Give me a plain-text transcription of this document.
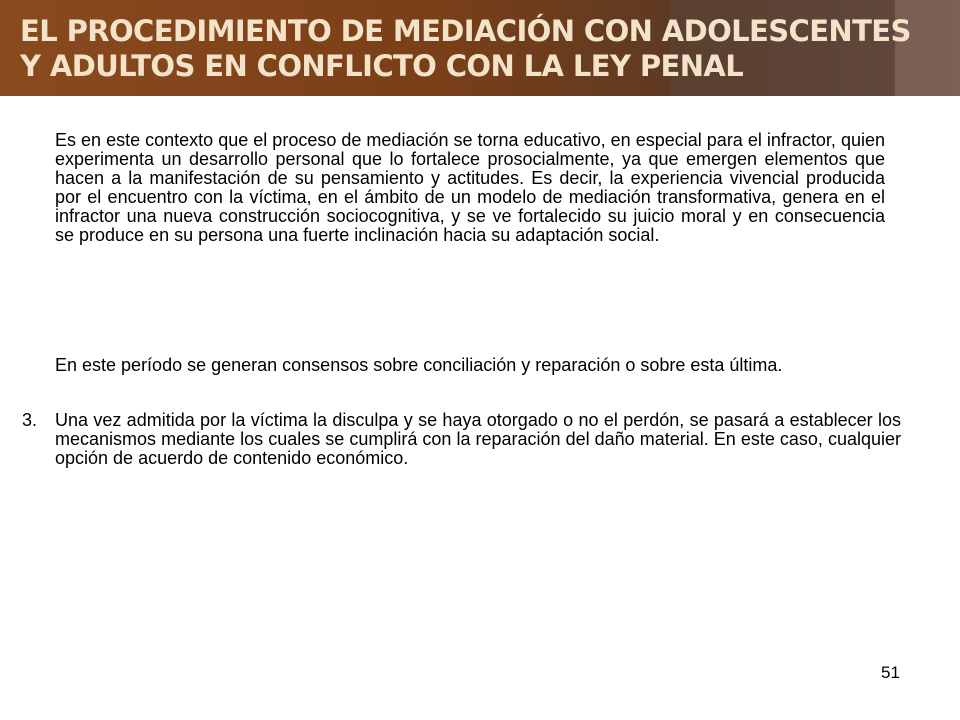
EL PROCEDIMIENTO DE MEDIACIÓN CON ADOLESCENTES
Y ADULTOS EN CONFLICTO CON LA LEY PENAL

Es en este contexto que el proceso de mediación se torna educativo, en especial para el infractor, quien experimenta un desarrollo personal que lo fortalece prosocialmente, ya que emergen elementos que hacen a la manifestación de su pensamiento y actitudes. Es decir, la experiencia vivencial producida por el encuentro con la víctima, en el ámbito de un modelo de mediación transformativa, genera en el infractor una nueva construcción sociocognitiva, y se ve fortalecido su juicio moral y en consecuencia se produce en su persona una fuerte inclinación hacia su adaptación social.

En este período se generan consensos sobre conciliación y reparación o sobre esta última.

3. Una vez admitida por la víctima la disculpa y se haya otorgado o no el perdón, se pasará a establecer los mecanismos mediante los cuales se cumplirá con la reparación del daño material. En este caso, cualquier opción de acuerdo de contenido económico.

51
